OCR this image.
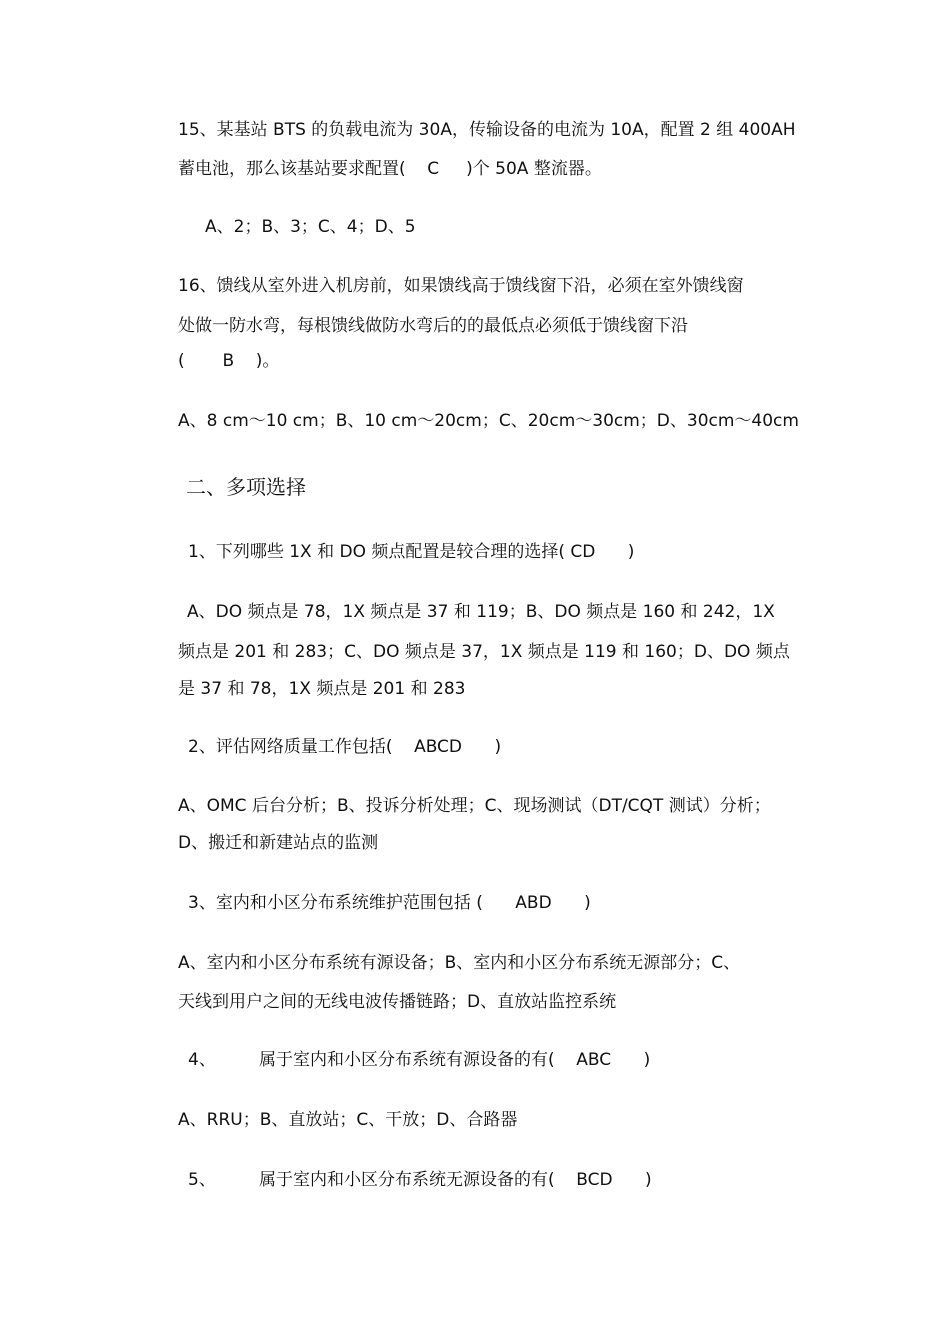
15、某基站 BTS 的负载电流为 30A，传输设备的电流为 10A，配置 2 组 400AH
蓄电池，那么该基站要求配置(    C     )个 50A 整流器。
A、2；B、3；C、4；D、5
16、馈线从室外进入机房前，如果馈线高于馈线窗下沿，必须在室外馈线窗
处做一防水弯，每根馈线做防水弯后的的最低点必须低于馈线窗下沿
(       B    )。
A、8 cm～10 cm；B、10 cm～20cm；C、20cm～30cm；D、30cm～40cm
二、多项选择
1、下列哪些 1X 和 DO 频点配置是较合理的选择( CD      )
A、DO 频点是 78，1X 频点是 37 和 119；B、DO 频点是 160 和 242，1X
频点是 201 和 283；C、DO 频点是 37，1X 频点是 119 和 160；D、DO 频点
是 37 和 78，1X 频点是 201 和 283
2、评估网络质量工作包括(    ABCD      )
A、OMC 后台分析；B、投诉分析处理；C、现场测试（DT/CQT 测试）分析；
D、搬迁和新建站点的监测
3、室内和小区分布系统维护范围包括 (      ABD      )
A、室内和小区分布系统有源设备；B、室内和小区分布系统无源部分；C、
天线到用户之间的无线电波传播链路；D、直放站监控系统
4、        属于室内和小区分布系统有源设备的有(    ABC      )
A、RRU；B、直放站；C、干放；D、合路器
5、        属于室内和小区分布系统无源设备的有(    BCD      )
